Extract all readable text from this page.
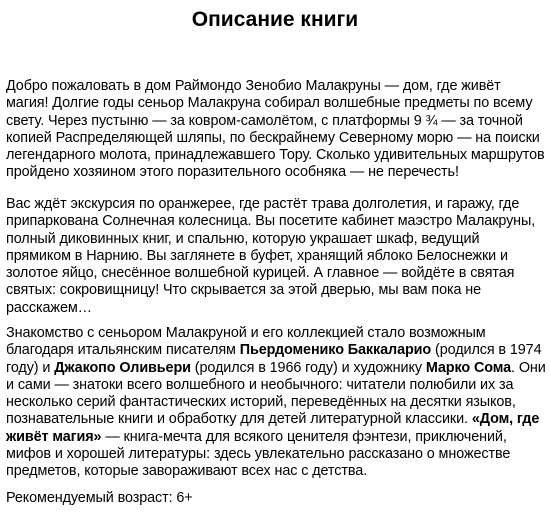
Описание книги

Добро пожаловать в дом Раймондо Зенобио Малакруны — дом, где живёт магия! Долгие годы сеньор Малакруна собирал волшебные предметы по всему свету. Через пустыню — за ковром-самолётом, с платформы 9 ¾ — за точной копией Распределяющей шляпы, по бескрайнему Северному морю — на поиски легендарного молота, принадлежавшего Тору. Сколько удивительных маршрутов пройдено хозяином этого поразительного особняка — не перечесть!

Вас ждёт экскурсия по оранжерее, где растёт трава долголетия, и гаражу, где припаркована Солнечная колесница. Вы посетите кабинет маэстро Малакруны, полный диковинных книг, и спальню, которую украшает шкаф, ведущий прямиком в Нарнию. Вы заглянете в буфет, хранящий яблоко Белоснежки и золотое яйцо, снесённое волшебной курицей. А главное — войдёте в святая святых: сокровищницу! Что скрывается за этой дверью, мы вам пока не расскажем…

Знакомство с сеньором Малакруной и его коллекцией стало возможным благодаря итальянским писателям Пьердоменико Баккаларио (родился в 1974 году) и Джакопо Оливьери (родился в 1966 году) и художнику Марко Сома. Они и сами — знатоки всего волшебного и необычного: читатели полюбили их за несколько серий фантастических историй, переведённых на десятки языков, познавательные книги и обработку для детей литературной классики. «Дом, где живёт магия» — книга-мечта для всякого ценителя фэнтези, приключений, мифов и хорошей литературы: здесь увлекательно рассказано о множестве предметов, которые завораживают всех нас с детства.

Рекомендуемый возраст: 6+
